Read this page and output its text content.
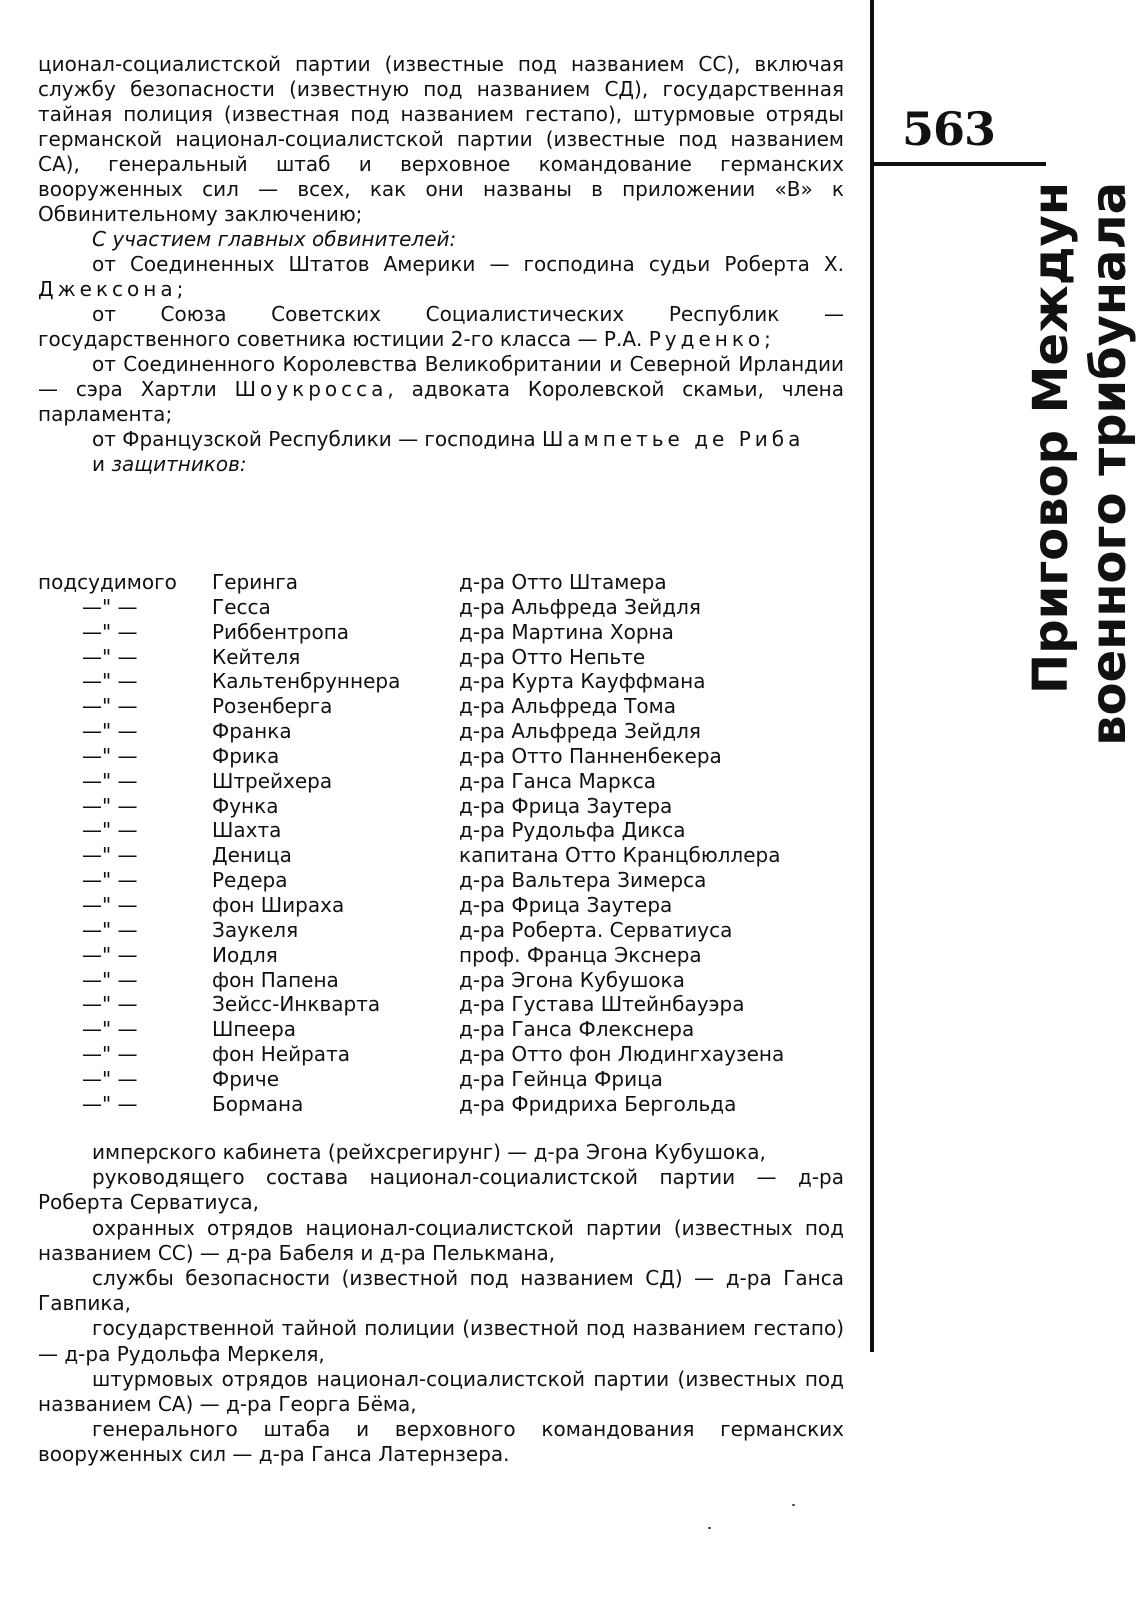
ционал-социалистской партии (известные под названием СС), включая службу безопасности (известную под названием СД), государственная тайная полиция (известная под названием гестапо), штурмовые отряды германской национал-социалистской партии (известные под названием СА), генеральный штаб и верховное командование германских вооруженных сил — всех, как они названы в приложении «В» к Обвинительному заключению;

С участием главных обвинителей:

от Соединенных Штатов Америки — господина судьи Роберта Х. Джексона;

от Союза Советских Социалистических Республик — государственного советника юстиции 2-го класса — Р.А. Руденко;

от Соединенного Королевства Великобритании и Северной Ирландии — сэра Хартли Шоукросса, адвоката Королевской скамьи, члена парламента;

от Французской Республики — господина Шампетье де Риба

и защитников:

подсудимого	Геринга	д-ра Отто Штамера
—" —	Гесса	д-ра Альфреда Зейдля
—" —	Риббентропа	д-ра Мартина Хорна
—" —	Кейтеля	д-ра Отто Непьте
—" —	Кальтенбруннера	д-ра Курта Кауффмана
—" —	Розенберга	д-ра Альфреда Тома
—" —	Франка	д-ра Альфреда Зейдля
—" —	Фрика	д-ра Отто Панненбекера
—" —	Штрейхера	д-ра Ганса Маркса
—" —	Функа	д-ра Фрица Заутера
—" —	Шахта	д-ра Рудольфа Дикса
—" —	Деница	капитана Отто Кранцбюллера
—" —	Редера	д-ра Вальтера Зимерса
—" —	фон Шираха	д-ра Фрица Заутера
—" —	Заукеля	д-ра Роберта. Серватиуса
—" —	Иодля	проф. Франца Экснера
—" —	фон Папена	д-ра Эгона Кубушока
—" —	Зейсс-Инкварта	д-ра Густава Штейнбауэра
—" —	Шпеера	д-ра Ганса Флекснера
—" —	фон Нейрата	д-ра Отто фон Людингхаузена
—" —	Фриче	д-ра Гейнца Фрица
—" —	Бормана	д-ра Фридриха Бергольда

имперского кабинета (рейхсрегирунг) — д-ра Эгона Кубушока,

руководящего состава национал-социалистской партии — д-ра Роберта Серватиуса,

охранных отрядов национал-социалистской партии (известных под названием СС) — д-ра Бабеля и д-ра Пелькмана,

службы безопасности (известной под названием СД) — д-ра Ганса Гавпика,

государственной тайной полиции (известной под названием гестапо) — д-ра Рудольфа Меркеля,

штурмовых отрядов национал-социалистской партии (известных под названием СА) — д-ра Георга Бёма,

генерального штаба и верховного командования германских вооруженных сил — д-ра Ганса Латернзера.

563
Приговор Междун военного трибунала
